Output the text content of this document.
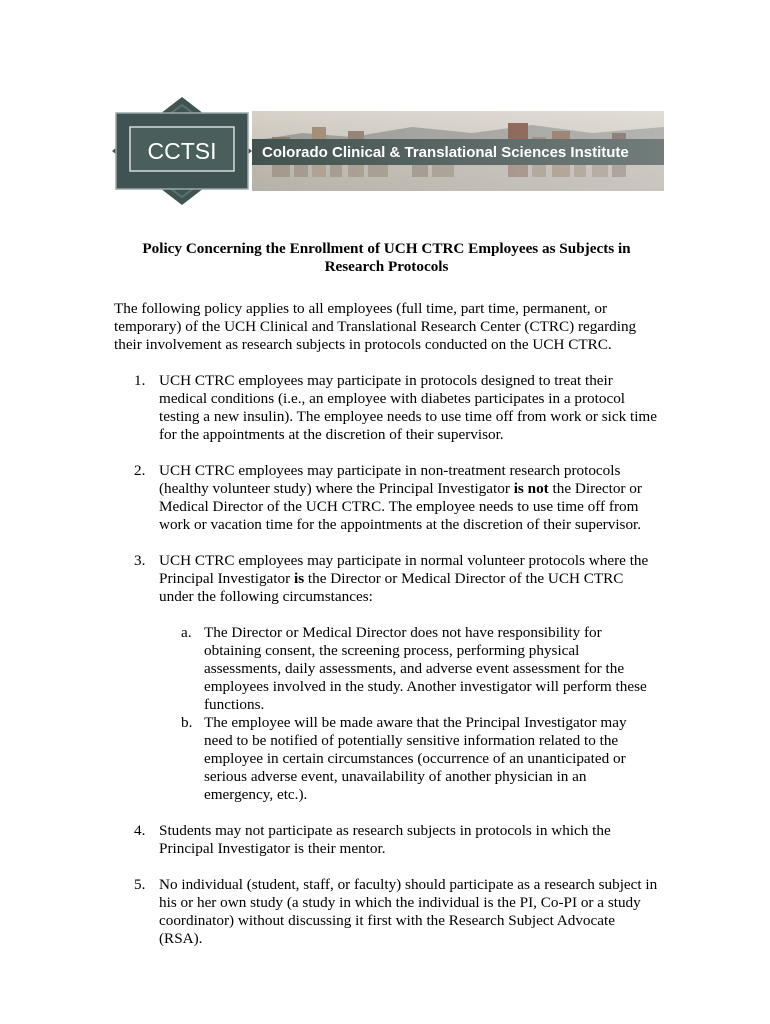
CCTSI	Colorado Clinical & Translational Sciences Institute
Policy Concerning the Enrollment of UCH CTRC Employees as Subjects in
Research Protocols

The following policy applies to all employees (full time, part time, permanent, or temporary) of the UCH Clinical and Translational Research Center (CTRC) regarding their involvement as research subjects in protocols conducted on the UCH CTRC.

1. UCH CTRC employees may participate in protocols designed to treat their medical conditions (i.e., an employee with diabetes participates in a protocol testing a new insulin). The employee needs to use time off from work or sick time for the appointments at the discretion of their supervisor.
2. UCH CTRC employees may participate in non-treatment research protocols (healthy volunteer study) where the Principal Investigator is not the Director or Medical Director of the UCH CTRC. The employee needs to use time off from work or vacation time for the appointments at the discretion of their supervisor.
3. UCH CTRC employees may participate in normal volunteer protocols where the Principal Investigator is the Director or Medical Director of the UCH CTRC under the following circumstances:
a. The Director or Medical Director does not have responsibility for obtaining consent, the screening process, performing physical assessments, daily assessments, and adverse event assessment for the employees involved in the study. Another investigator will perform these functions.
b. The employee will be made aware that the Principal Investigator may need to be notified of potentially sensitive information related to the employee in certain circumstances (occurrence of an unanticipated or serious adverse event, unavailability of another physician in an emergency, etc.).
4. Students may not participate as research subjects in protocols in which the Principal Investigator is their mentor.
5. No individual (student, staff, or faculty) should participate as a research subject in his or her own study (a study in which the individual is the PI, Co-PI or a study coordinator) without discussing it first with the Research Subject Advocate (RSA).
